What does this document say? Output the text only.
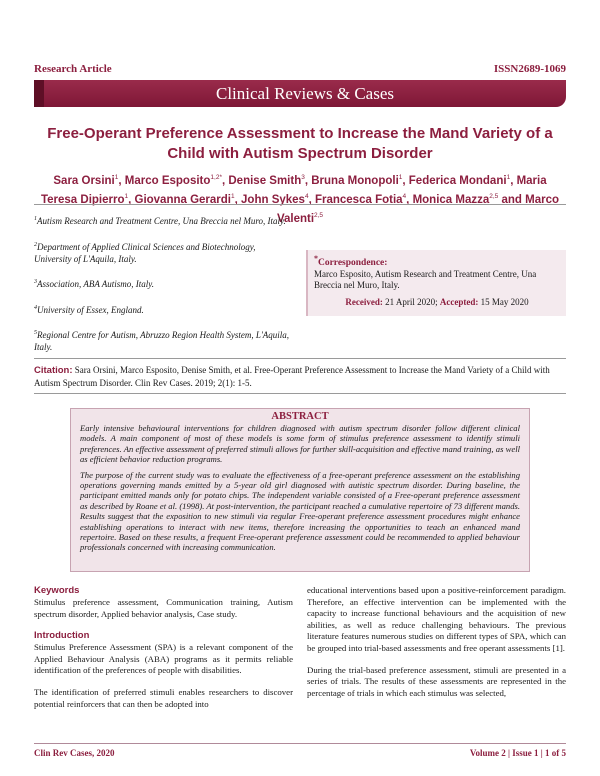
Research Article	ISSN2689-1069
Clinical Reviews & Cases
Free-Operant Preference Assessment to Increase the Mand Variety of a Child with Autism Spectrum Disorder
Sara Orsini$^1$, Marco Esposito$^{1,2*}$, Denise Smith$^3$, Bruna Monopoli$^1$, Federica Mondani$^1$, Maria Teresa Dipierro$^1$, Giovanna Gerardi$^1$, John Sykes$^4$, Francesca Fotia$^4$, Monica Mazza$^{2,5}$ and Marco Valenti$^{2,5}$
$^1$Autism Research and Treatment Centre, Una Breccia nel Muro, Italy.
$^2$Department of Applied Clinical Sciences and Biotechnology, University of L'Aquila, Italy.
$^3$Association, ABA Autismo, Italy.
$^4$University of Essex, England.
$^5$Regional Centre for Autism, Abruzzo Region Health System, L'Aquila, Italy.
*Correspondence:
Marco Esposito, Autism Research and Treatment Centre, Una Breccia nel Muro, Italy.
Received: 21 April 2020; Accepted: 15 May 2020
Citation: Sara Orsini, Marco Esposito, Denise Smith, et al. Free-Operant Preference Assessment to Increase the Mand Variety of a Child with Autism Spectrum Disorder. Clin Rev Cases. 2019; 2(1): 1-5.
ABSTRACT

Early intensive behavioural interventions for children diagnosed with autism spectrum disorder follow different clinical models. A main component of most of these models is some form of stimulus preference assessment to identify stimuli preferences. An effective assessment of preferred stimuli allows for further skill-acquisition and effective mand training, as well as efficient behavior reduction programs.

The purpose of the current study was to evaluate the effectiveness of a free-operant preference assessment on the establishing operations governing mands emitted by a 5-year old girl diagnosed with autistic spectrum disorder. During baseline, the participant emitted mands only for potato chips. The independent variable consisted of a Free-operant preference assessment as described by Roane et al. (1998). At post-intervention, the participant reached a cumulative repertoire of 73 different mands. Results suggest that the exposition to new stimuli via regular Free-operant preference assessment procedures might enhance establishing operations to interact with new items, therefore increasing the opportunities to teach an enhanced mand repertoire. Based on these results, a frequent Free-operant preference assessment could be recommended to applied behaviour professionals concerned with increasing communication.

Keywords

Stimulus preference assessment, Communication training, Autism spectrum disorder, Applied behavior analysis, Case study.

Introduction

Stimulus Preference Assessment (SPA) is a relevant component of the Applied Behaviour Analysis (ABA) programs as it permits reliable identification of the preferences of people with disabilities.

The identification of preferred stimuli enables researchers to discover potential reinforcers that can then be adopted into

educational interventions based upon a positive-reinforcement paradigm. Therefore, an effective intervention can be implemented with the capacity to increase functional behaviours and the acquisition of new abilities, as well as reduce challenging behaviours. The previous literature features numerous studies on different types of SPA, which can be grouped into trial-based assessments and free operant assessments [1].

During the trial-based preference assessment, stimuli are presented in a series of trials. The results of these assessments are represented in the percentage of trials in which each stimulus was selected,

Clin Rev Cases, 2020	Volume 2 | Issue 1 | 1 of 5
